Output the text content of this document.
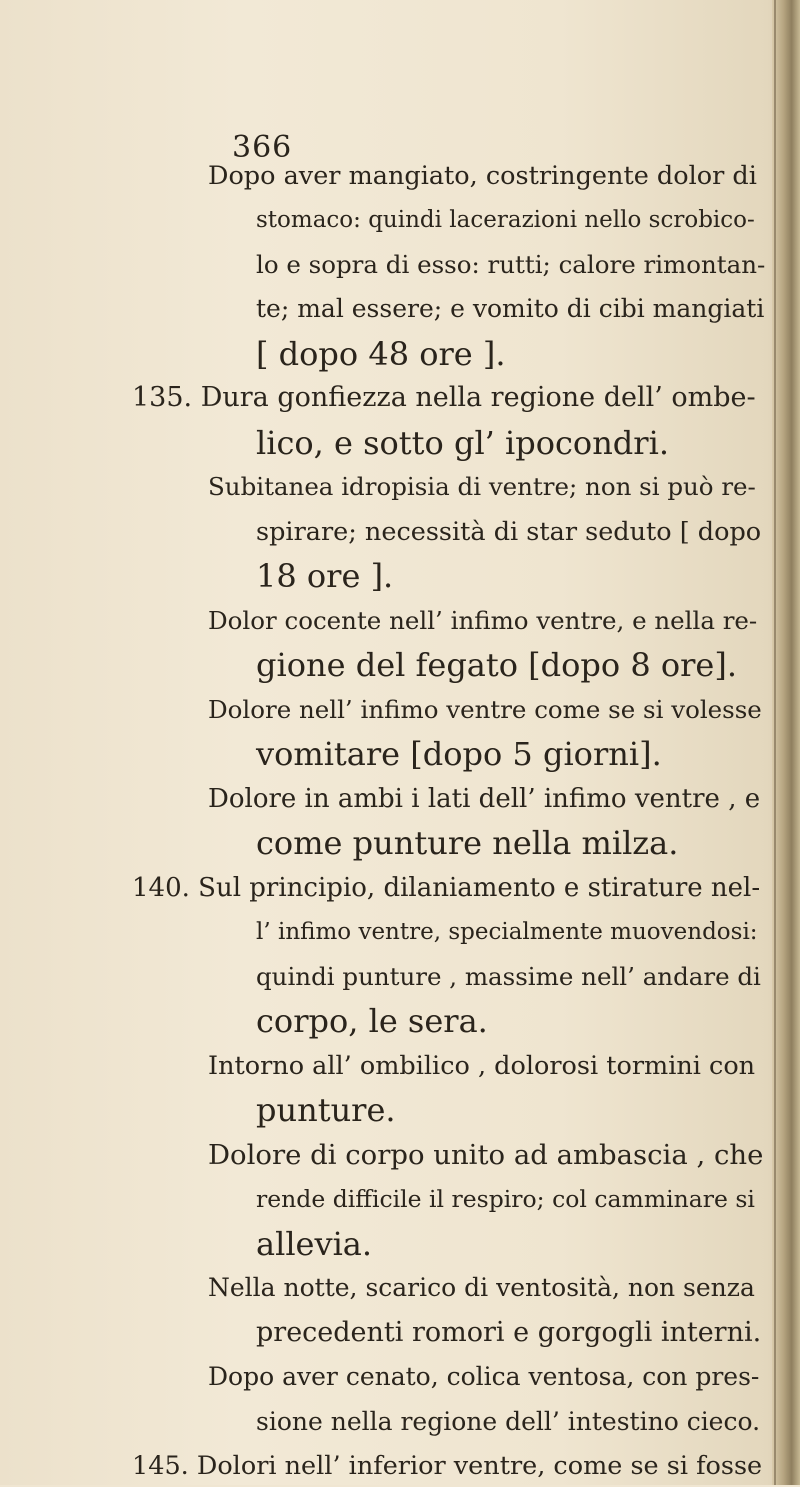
366
Dopo aver mangiato, costringente dolor di
stomaco: quindi lacerazioni nello scrobico-
lo e sopra di esso: rutti; calore rimontan-
te; mal essere; e vomito di cibi mangiati
[ dopo 48 ore ].
135. Dura gonfiezza nella regione dell’ ombe-
lico, e sotto gl’ ipocondri.
Subitanea idropisia di ventre; non si può re-
spirare; necessità di star seduto [ dopo
18 ore ].
Dolor cocente nell’ infimo ventre, e nella re-
gione del fegato [dopo 8 ore].
Dolore nell’ infimo ventre come se si volesse
vomitare [dopo 5 giorni].
Dolore in ambi i lati dell’ infimo ventre , e
come punture nella milza.
140. Sul principio, dilaniamento e stirature nel-
l’ infimo ventre, specialmente muovendosi:
quindi punture , massime nell’ andare di
corpo, le sera.
Intorno all’ ombilico , dolorosi tormini con
punture.
Dolore di corpo unito ad ambascia , che
rende difficile il respiro; col camminare si
allevia.
Nella notte, scarico di ventosità, non senza
precedenti romori e gorgogli interni.
Dopo aver cenato, colica ventosa, con pres-
sione nella regione dell’ intestino cieco.
145. Dolori nell’ inferior ventre, come se si fosse
